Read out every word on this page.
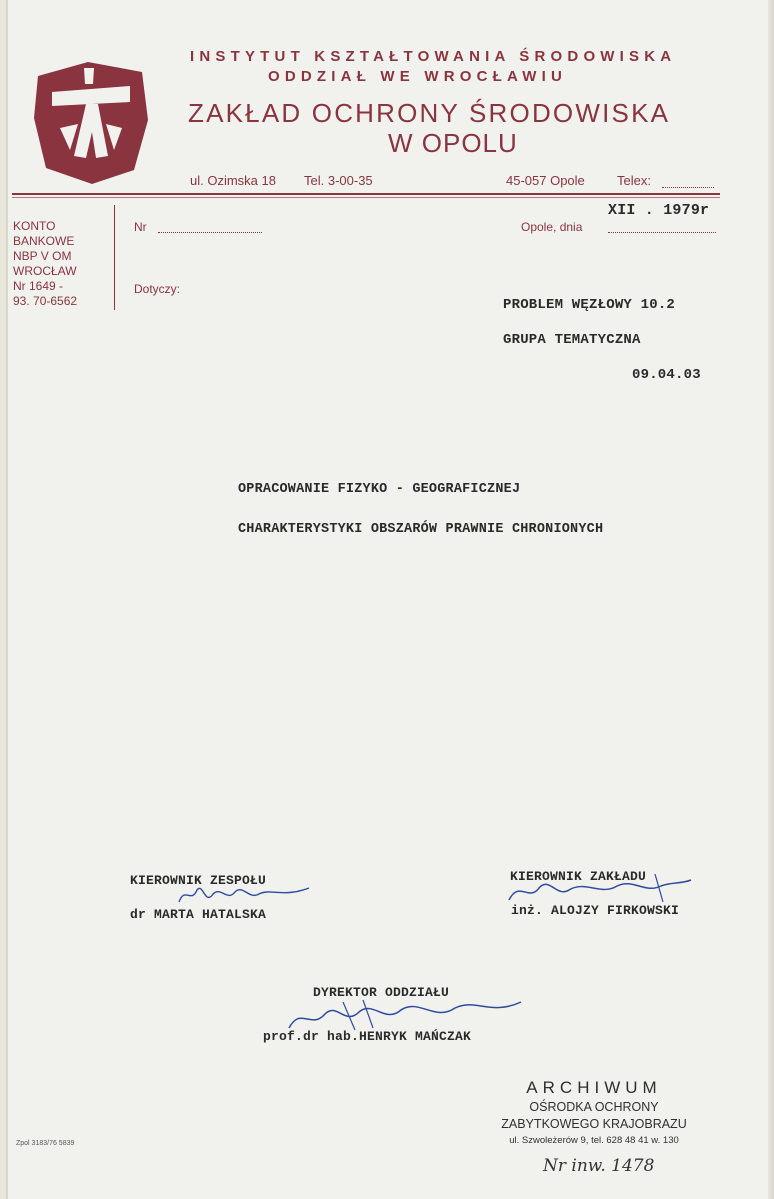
INSTYTUT KSZTAŁTOWANIA ŚRODOWISKA
ODDZIAŁ WE WROCŁAWIU
ZAKŁAD OCHRONY ŚRODOWISKA
W OPOLU
ul. Ozimska 18 Tel. 3-00-35	45-057 Opole Telex:
KONTO
BANKOWE
NBP V OM
WROCŁAW
Nr 1649 -
93. 70-6562
Nr	Opole, dnia
XII . 1979r
Dotyczy:
PROBLEM WĘZŁOWY 10.2
GRUPA TEMATYCZNA
09.04.03
OPRACOWANIE FIZYKO - GEOGRAFICZNEJ
CHARAKTERYSTYKI OBSZARÓW PRAWNIE CHRONIONYCH
KIEROWNIK ZESPOŁU
dr MARTA HATALSKA
KIEROWNIK ZAKŁADU
inż. ALOJZY FIRKOWSKI
DYREKTOR ODDZIAŁU
prof.dr hab.HENRYK MAŃCZAK
ARCHIWUM
OŚRODKA OCHRONY
ZABYTKOWEGO KRAJOBRAZU
ul. Szwoleżerów 9, tel. 628 48 41 w. 130
Nr inw. 1478
Zpol 3183/76 5839
